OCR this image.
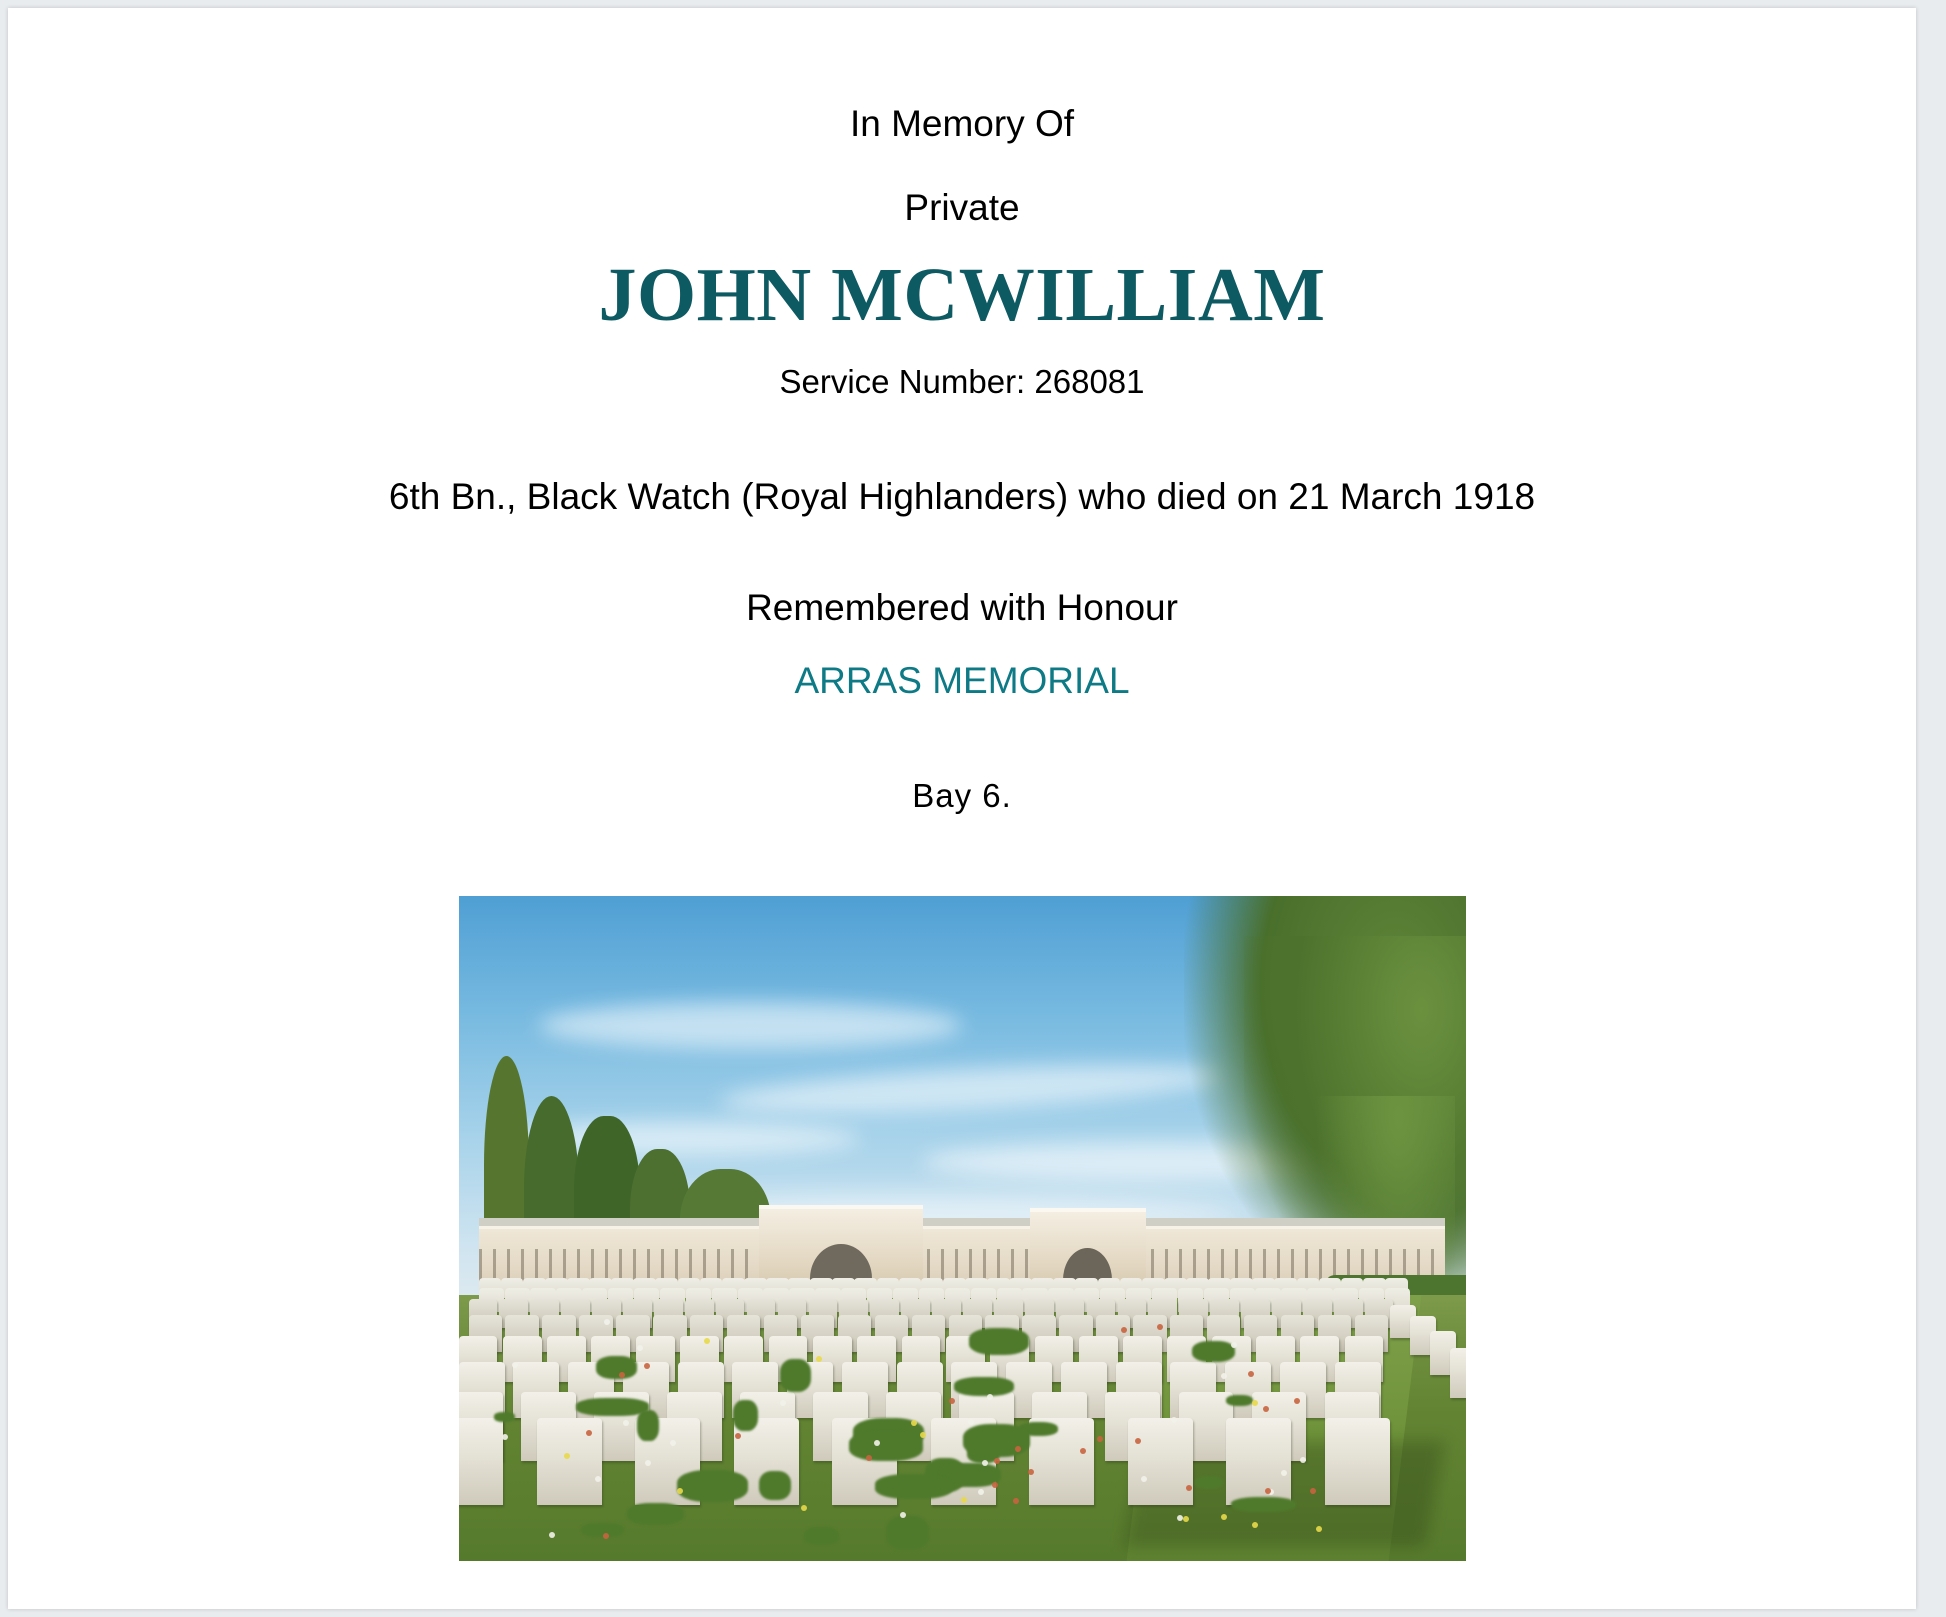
In Memory Of

Private

JOHN MCWILLIAM

Service Number: 268081

6th Bn., Black Watch (Royal Highlanders) who died on 21 March 1918

Remembered with Honour

ARRAS MEMORIAL

Bay 6.
